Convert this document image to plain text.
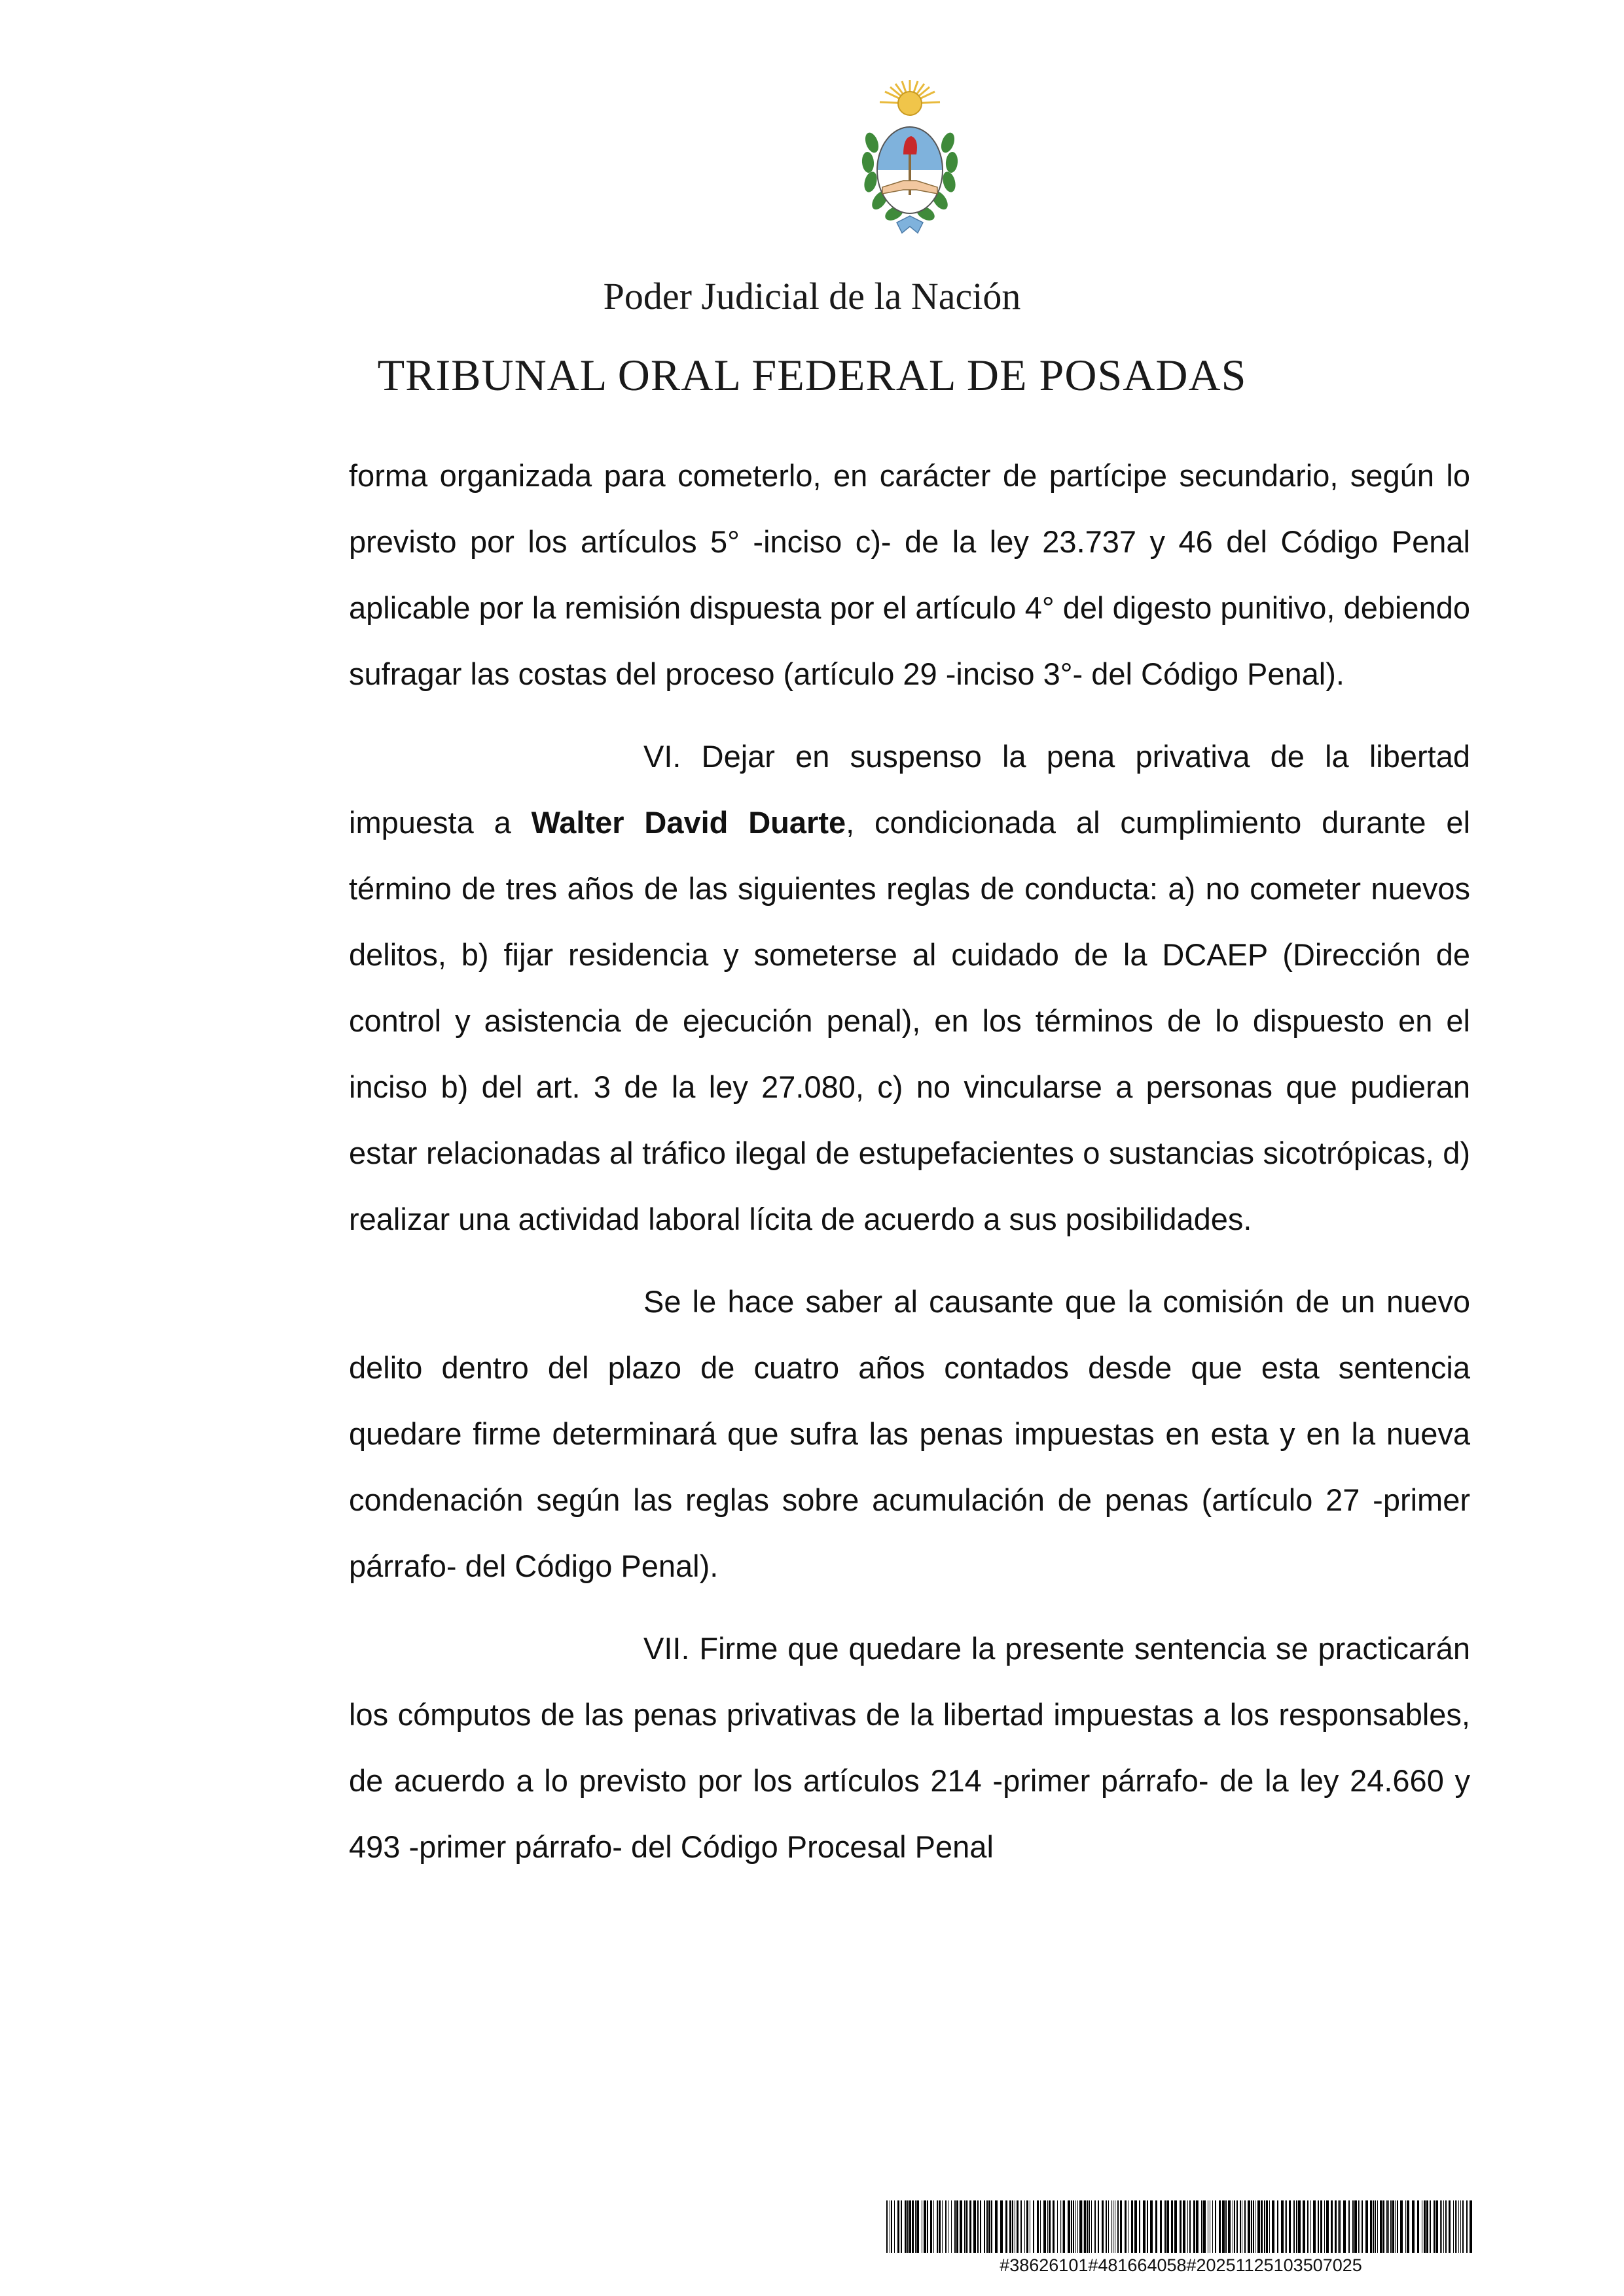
Poder Judicial de la Nación
TRIBUNAL ORAL FEDERAL DE POSADAS

forma organizada para cometerlo, en carácter de partícipe secundario, según lo previsto por los artículos 5° -inciso c)- de la ley 23.737 y 46 del Código Penal aplicable por la remisión dispuesta por el artículo 4° del digesto punitivo, debiendo sufragar las costas del proceso (artículo 29 -inciso 3°- del Código Penal).

VI. Dejar en suspenso la pena privativa de la libertad impuesta a Walter David Duarte, condicionada al cumplimiento durante el término de tres años de las siguientes reglas de conducta: a) no cometer nuevos delitos, b) fijar residencia y someterse al cuidado de la DCAEP (Dirección de control y asistencia de ejecución penal), en los términos de lo dispuesto en el inciso b) del art. 3 de la ley 27.080, c) no vincularse a personas que pudieran estar relacionadas al tráfico ilegal de estupefacientes o sustancias sicotrópicas, d) realizar una actividad laboral lícita de acuerdo a sus posibilidades.

Se le hace saber al causante que la comisión de un nuevo delito dentro del plazo de cuatro años contados desde que esta sentencia quedare firme determinará que sufra las penas impuestas en esta y en la nueva condenación según las reglas sobre acumulación de penas (artículo 27 -primer párrafo- del Código Penal).

VII. Firme que quedare la presente sentencia se practicarán los cómputos de las penas privativas de la libertad impuestas a los responsables, de acuerdo a lo previsto por los artículos 214 -primer párrafo- de la ley 24.660 y 493 -primer párrafo- del Código Procesal Penal

#38626101#481664058#20251125103507025
